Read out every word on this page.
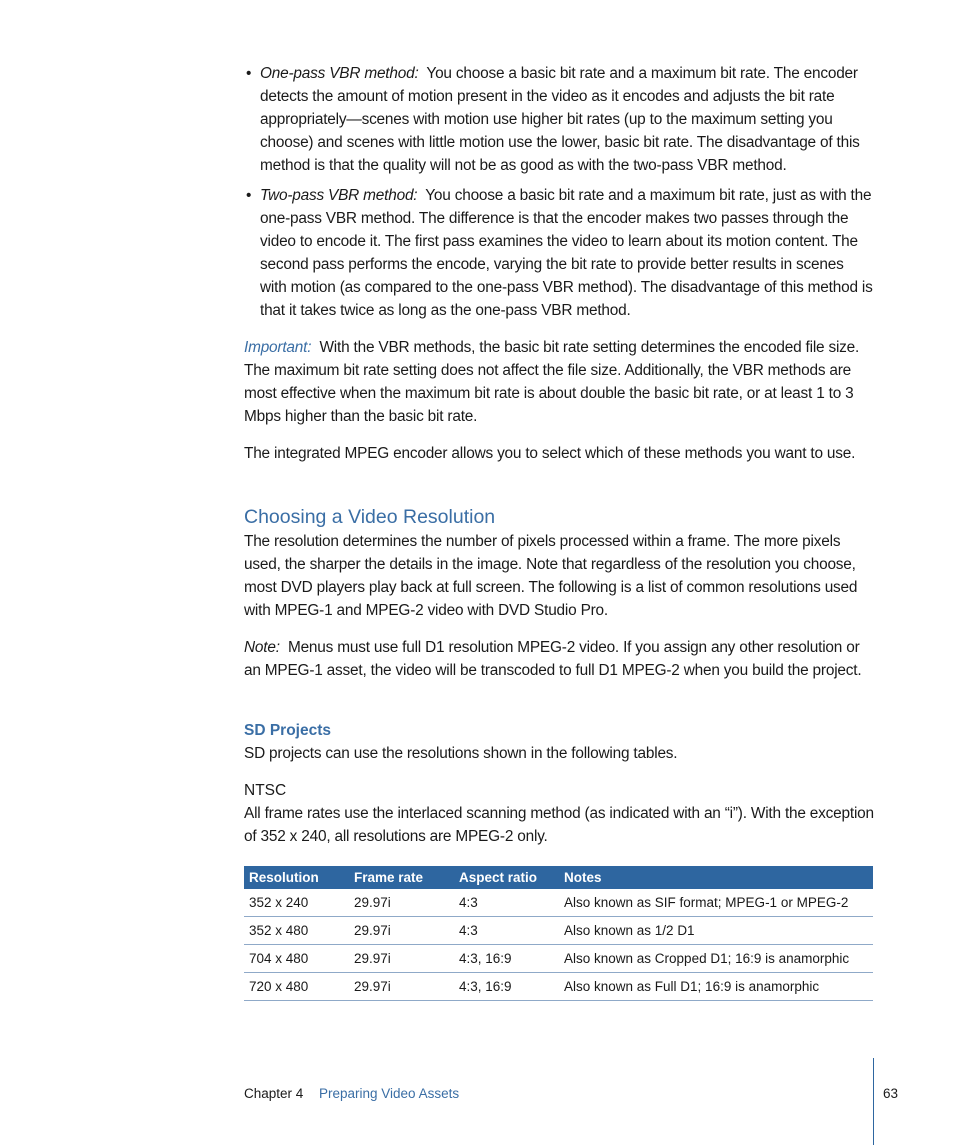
• One-pass VBR method: You choose a basic bit rate and a maximum bit rate. The encoder detects the amount of motion present in the video as it encodes and adjusts the bit rate appropriately—scenes with motion use higher bit rates (up to the maximum setting you choose) and scenes with little motion use the lower, basic bit rate. The disadvantage of this method is that the quality will not be as good as with the two-pass VBR method.
• Two-pass VBR method: You choose a basic bit rate and a maximum bit rate, just as with the one-pass VBR method. The difference is that the encoder makes two passes through the video to encode it. The first pass examines the video to learn about its motion content. The second pass performs the encode, varying the bit rate to provide better results in scenes with motion (as compared to the one-pass VBR method). The disadvantage of this method is that it takes twice as long as the one-pass VBR method.
Important: With the VBR methods, the basic bit rate setting determines the encoded file size. The maximum bit rate setting does not affect the file size. Additionally, the VBR methods are most effective when the maximum bit rate is about double the basic bit rate, or at least 1 to 3 Mbps higher than the basic bit rate.
The integrated MPEG encoder allows you to select which of these methods you want to use.
Choosing a Video Resolution
The resolution determines the number of pixels processed within a frame. The more pixels used, the sharper the details in the image. Note that regardless of the resolution you choose, most DVD players play back at full screen. The following is a list of common resolutions used with MPEG-1 and MPEG-2 video with DVD Studio Pro.
Note: Menus must use full D1 resolution MPEG-2 video. If you assign any other resolution or an MPEG-1 asset, the video will be transcoded to full D1 MPEG-2 when you build the project.
SD Projects
SD projects can use the resolutions shown in the following tables.
NTSC
All frame rates use the interlaced scanning method (as indicated with an “i”). With the exception of 352 x 240, all resolutions are MPEG-2 only.
Resolution	Frame rate	Aspect ratio	Notes
352 x 240	29.97i	4:3	Also known as SIF format; MPEG-1 or MPEG-2
352 x 480	29.97i	4:3	Also known as 1/2 D1
704 x 480	29.97i	4:3, 16:9	Also known as Cropped D1; 16:9 is anamorphic
720 x 480	29.97i	4:3, 16:9	Also known as Full D1; 16:9 is anamorphic
Chapter 4 Preparing Video Assets	63
